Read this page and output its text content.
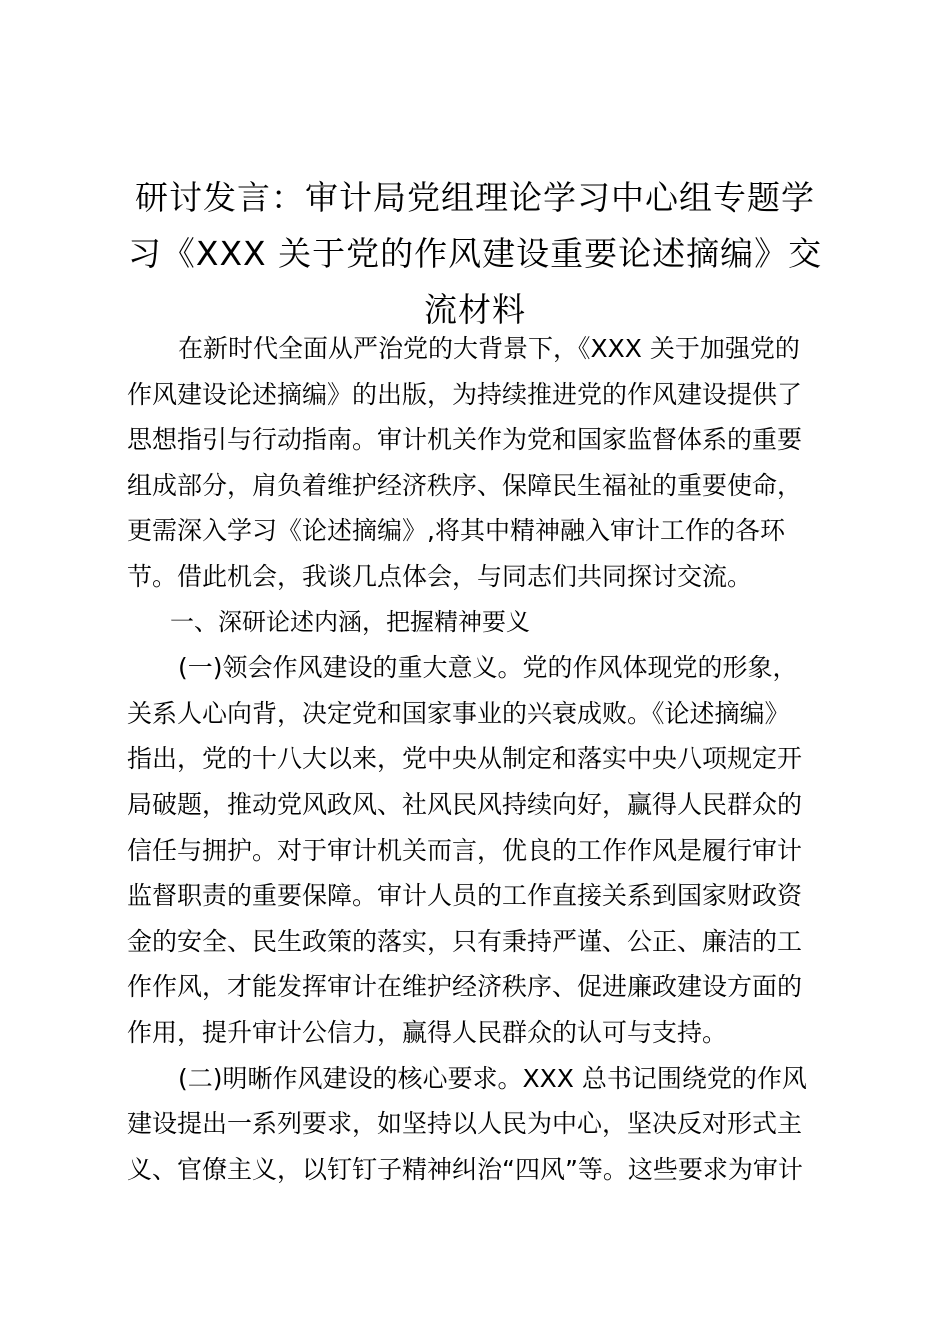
研讨发言：审计局党组理论学习中心组专题学
习《XXX 关于党的作风建设重要论述摘编》交
流材料

在新时代全面从严治党的大背景下，《XXX 关于加强党的
作风建设论述摘编》的出版，为持续推进党的作风建设提供了
思想指引与行动指南。审计机关作为党和国家监督体系的重要
组成部分，肩负着维护经济秩序、保障民生福祉的重要使命，
更需深入学习《论述摘编》,将其中精神融入审计工作的各环
节。借此机会，我谈几点体会，与同志们共同探讨交流。

一、深研论述内涵，把握精神要义

(一)领会作风建设的重大意义。党的作风体现党的形象，
关系人心向背，决定党和国家事业的兴衰成败。《论述摘编》
指出，党的十八大以来，党中央从制定和落实中央八项规定开
局破题，推动党风政风、社风民风持续向好，赢得人民群众的
信任与拥护。对于审计机关而言，优良的工作作风是履行审计
监督职责的重要保障。审计人员的工作直接关系到国家财政资
金的安全、民生政策的落实，只有秉持严谨、公正、廉洁的工
作作风，才能发挥审计在维护经济秩序、促进廉政建设方面的
作用，提升审计公信力，赢得人民群众的认可与支持。

(二)明晰作风建设的核心要求。XXX 总书记围绕党的作风
建设提出一系列要求，如坚持以人民为中心，坚决反对形式主
义、官僚主义，以钉钉子精神纠治“四风”等。这些要求为审计
